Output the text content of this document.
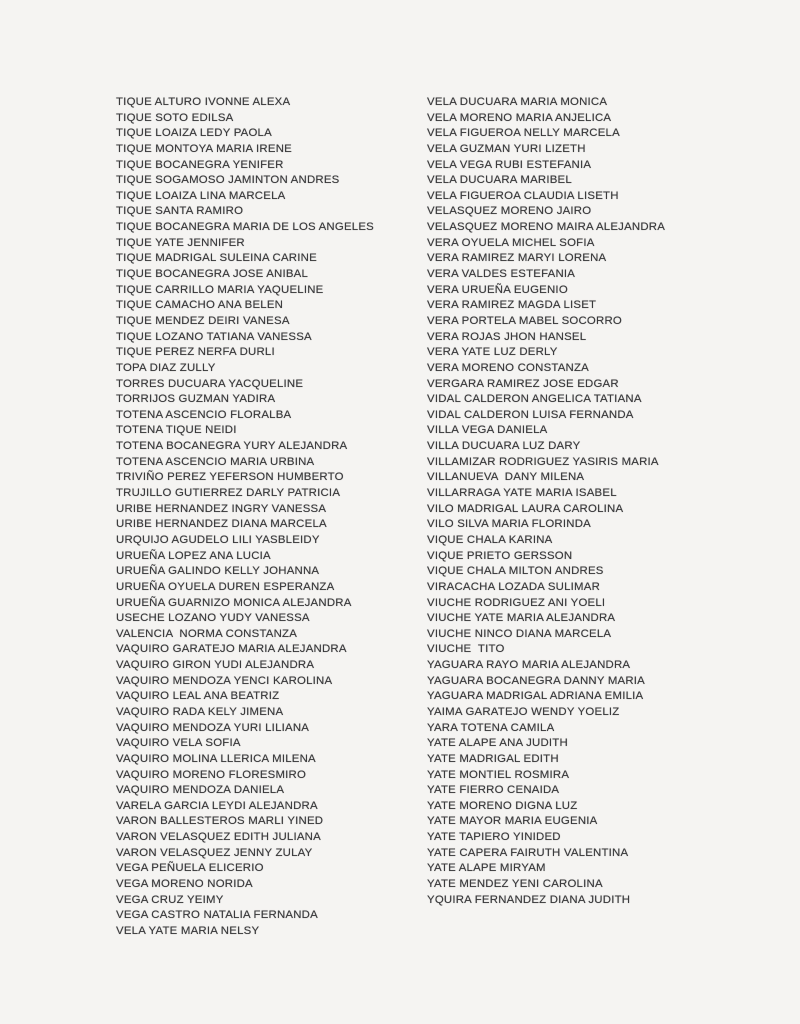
TIQUE ALTURO IVONNE ALEXA
TIQUE SOTO EDILSA
TIQUE LOAIZA LEDY PAOLA
TIQUE MONTOYA MARIA IRENE
TIQUE BOCANEGRA YENIFER
TIQUE SOGAMOSO JAMINTON ANDRES
TIQUE LOAIZA LINA MARCELA
TIQUE SANTA RAMIRO
TIQUE BOCANEGRA MARIA DE LOS ANGELES
TIQUE YATE JENNIFER
TIQUE MADRIGAL SULEINA CARINE
TIQUE BOCANEGRA JOSE ANIBAL
TIQUE CARRILLO MARIA YAQUELINE
TIQUE CAMACHO ANA BELEN
TIQUE MENDEZ DEIRI VANESA
TIQUE LOZANO TATIANA VANESSA
TIQUE PEREZ NERFA DURLI
TOPA DIAZ ZULLY
TORRES DUCUARA YACQUELINE
TORRIJOS GUZMAN YADIRA
TOTENA ASCENCIO FLORALBA
TOTENA TIQUE NEIDI
TOTENA BOCANEGRA YURY ALEJANDRA
TOTENA ASCENCIO MARIA URBINA
TRIVIÑO PEREZ YEFERSON HUMBERTO
TRUJILLO GUTIERREZ DARLY PATRICIA
URIBE HERNANDEZ INGRY VANESSA
URIBE HERNANDEZ DIANA MARCELA
URQUIJO AGUDELO LILI YASBLEIDY
URUEÑA LOPEZ ANA LUCIA
URUEÑA GALINDO KELLY JOHANNA
URUEÑA OYUELA DUREN ESPERANZA
URUEÑA GUARNIZO MONICA ALEJANDRA
USECHE LOZANO YUDY VANESSA
VALENCIA  NORMA CONSTANZA
VAQUIRO GARATEJO MARIA ALEJANDRA
VAQUIRO GIRON YUDI ALEJANDRA
VAQUIRO MENDOZA YENCI KAROLINA
VAQUIRO LEAL ANA BEATRIZ
VAQUIRO RADA KELY JIMENA
VAQUIRO MENDOZA YURI LILIANA
VAQUIRO VELA SOFIA
VAQUIRO MOLINA LLERICA MILENA
VAQUIRO MORENO FLORESMIRO
VAQUIRO MENDOZA DANIELA
VARELA GARCIA LEYDI ALEJANDRA
VARON BALLESTEROS MARLI YINED
VARON VELASQUEZ EDITH JULIANA
VARON VELASQUEZ JENNY ZULAY
VEGA PEÑUELA ELICERIO
VEGA MORENO NORIDA
VEGA CRUZ YEIMY
VEGA CASTRO NATALIA FERNANDA
VELA YATE MARIA NELSY
VELA DUCUARA MARIA MONICA
VELA MORENO MARIA ANJELICA
VELA FIGUEROA NELLY MARCELA
VELA GUZMAN YURI LIZETH
VELA VEGA RUBI ESTEFANIA
VELA DUCUARA MARIBEL
VELA FIGUEROA CLAUDIA LISETH
VELASQUEZ MORENO JAIRO
VELASQUEZ MORENO MAIRA ALEJANDRA
VERA OYUELA MICHEL SOFIA
VERA RAMIREZ MARYI LORENA
VERA VALDES ESTEFANIA
VERA URUEÑA EUGENIO
VERA RAMIREZ MAGDA LISET
VERA PORTELA MABEL SOCORRO
VERA ROJAS JHON HANSEL
VERA YATE LUZ DERLY
VERA MORENO CONSTANZA
VERGARA RAMIREZ JOSE EDGAR
VIDAL CALDERON ANGELICA TATIANA
VIDAL CALDERON LUISA FERNANDA
VILLA VEGA DANIELA
VILLA DUCUARA LUZ DARY
VILLAMIZAR RODRIGUEZ YASIRIS MARIA
VILLANUEVA  DANY MILENA
VILLARRAGA YATE MARIA ISABEL
VILO MADRIGAL LAURA CAROLINA
VILO SILVA MARIA FLORINDA
VIQUE CHALA KARINA
VIQUE PRIETO GERSSON
VIQUE CHALA MILTON ANDRES
VIRACACHA LOZADA SULIMAR
VIUCHE RODRIGUEZ ANI YOELI
VIUCHE YATE MARIA ALEJANDRA
VIUCHE NINCO DIANA MARCELA
VIUCHE  TITO
YAGUARA RAYO MARIA ALEJANDRA
YAGUARA BOCANEGRA DANNY MARIA
YAGUARA MADRIGAL ADRIANA EMILIA
YAIMA GARATEJO WENDY YOELIZ
YARA TOTENA CAMILA
YATE ALAPE ANA JUDITH
YATE MADRIGAL EDITH
YATE MONTIEL ROSMIRA
YATE FIERRO CENAIDA
YATE MORENO DIGNA LUZ
YATE MAYOR MARIA EUGENIA
YATE TAPIERO YINIDED
YATE CAPERA FAIRUTH VALENTINA
YATE ALAPE MIRYAM
YATE MENDEZ YENI CAROLINA
YQUIRA FERNANDEZ DIANA JUDITH
